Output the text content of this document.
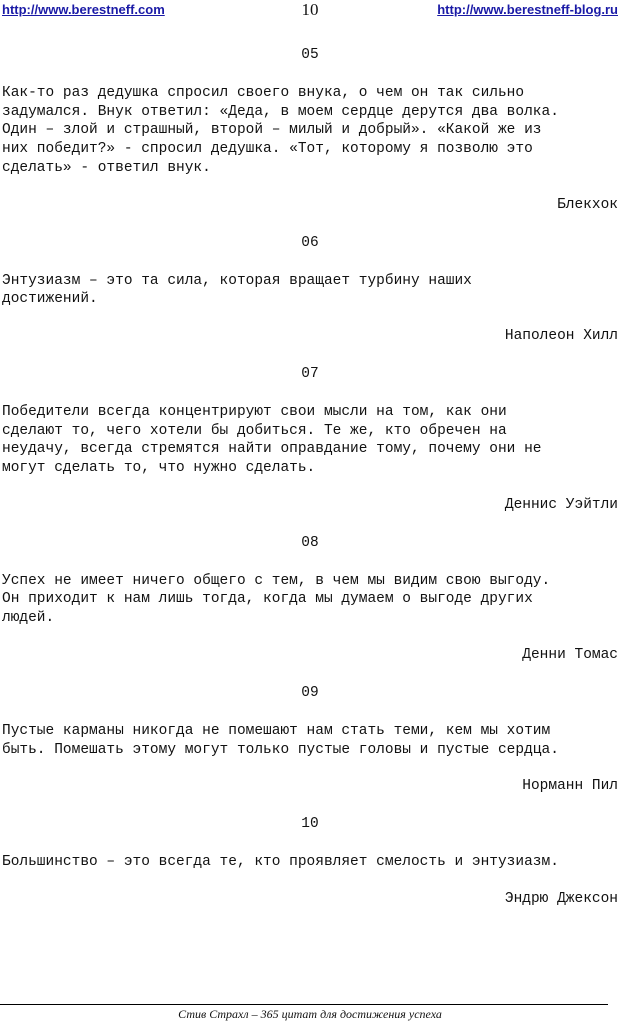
http://www.berestneff.com	10	http://www.berestneff-blog.ru
05
Как-то раз дедушка спросил своего внука, о чем он так сильно
задумался. Внук ответил: «Деда, в моем сердце дерутся два волка.
Один – злой и страшный, второй – милый и добрый». «Какой же из
них победит?» - спросил дедушка. «Тот, которому я позволю это
сделать» - ответил внук.
Блекхок
06
Энтузиазм – это та сила, которая вращает турбину наших
достижений.
Наполеон Хилл
07
Победители всегда концентрируют свои мысли на том, как они
сделают то, чего хотели бы добиться. Те же, кто обречен на
неудачу, всегда стремятся найти оправдание тому, почему они не
могут сделать то, что нужно сделать.
Деннис Уэйтли
08
Успех не имеет ничего общего с тем, в чем мы видим свою выгоду.
Он приходит к нам лишь тогда, когда мы думаем о выгоде других
людей.
Денни Томас
09
Пустые карманы никогда не помешают нам стать теми, кем мы хотим
быть. Помешать этому могут только пустые головы и пустые сердца.
Норманн Пил
10
Большинство – это всегда те, кто проявляет смелость и энтузиазм.
Эндрю Джексон
Стив Страхл – 365 цитат для достижения успеха
